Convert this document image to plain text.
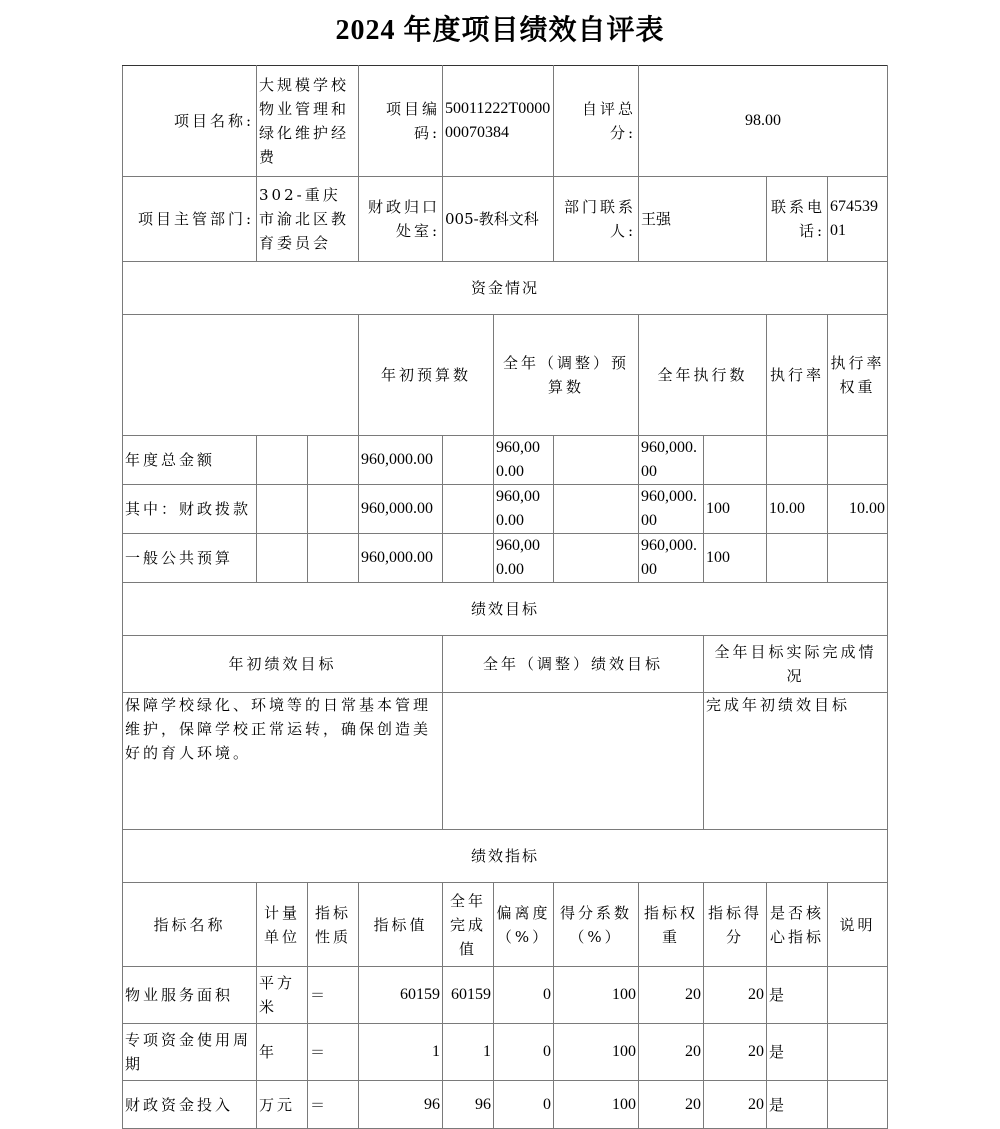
2024 年度项目绩效自评表
项目名称:	大规模学校物业管理和绿化维护经费		项目编码:	50011222T000000070384		自评总分:	98.00				
项目主管部门:	302-重庆市渝北区教育委员会		财政归口处室:	005-教科文科		部门联系人:	王强		联系电话:	67453901	
资金情况											
			年初预算数		全年（调整）预算数		全年执行数		执行率	执行率权重	
年度总金额			960,000.00		960,000.00		960,000.00				
其中：财政拨款			960,000.00		960,000.00		960,000.00	100	10.00	10.00	
一般公共预算			960,000.00		960,000.00		960,000.00	100			
绩效目标											
年初绩效目标				全年（调整）绩效目标				全年目标实际完成情况			
保障学校绿化、环境等的日常基本管理维护，保障学校正常运转，确保创造美好的育人环境。								完成年初绩效目标			
绩效指标											
指标名称	计量单位	指标性质	指标值	全年完成值	偏离度（%）	得分系数（%）	指标权重	指标得分	是否核心指标	说明	
物业服务面积	平方米	＝	60159	60159	0	100	20	20	是		
专项资金使用周期	年	＝	1	1	0	100	20	20	是		
财政资金投入	万元	＝	96	96	0	100	20	20	是		
